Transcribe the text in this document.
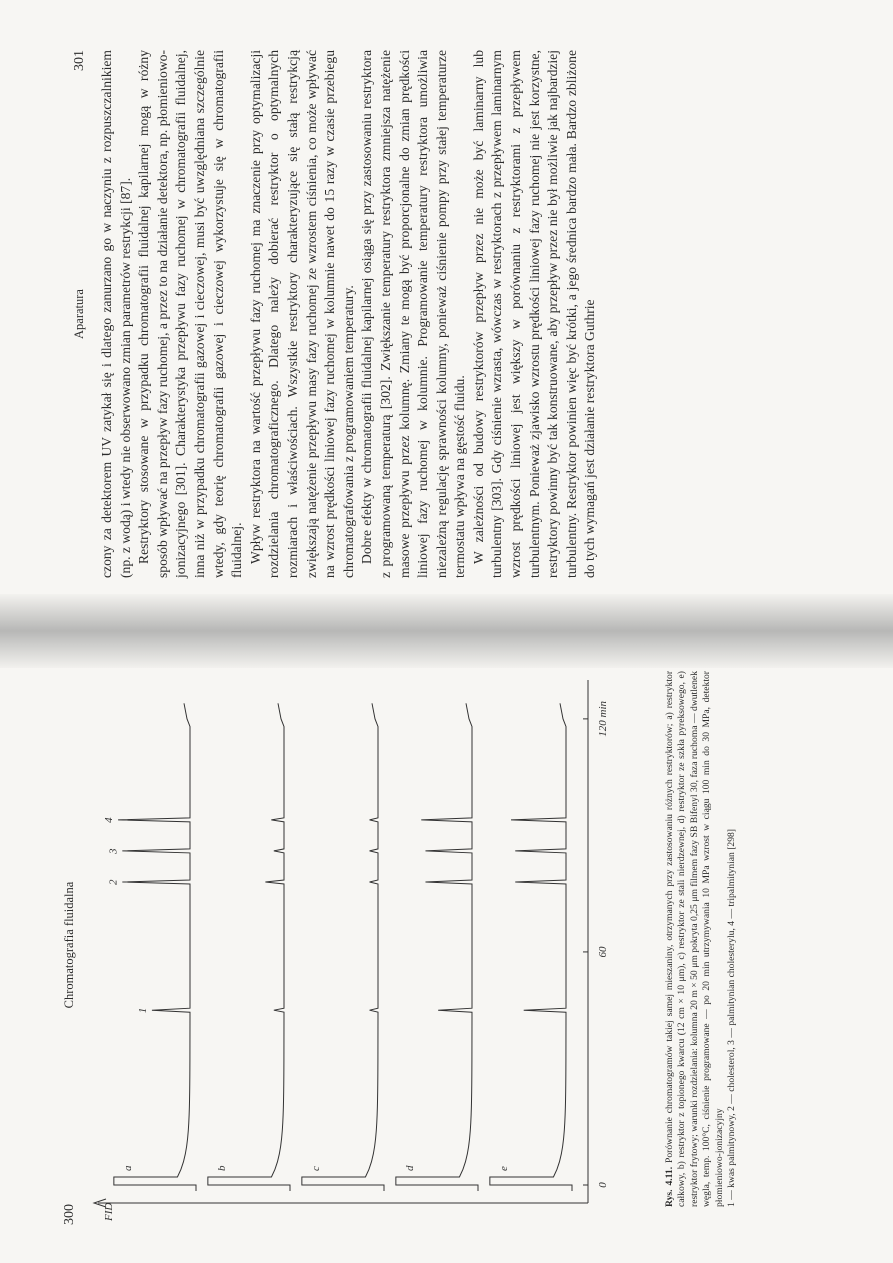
Aparatura
301 czony za detektorem UV zatykał się i dlatego zanurzano go w naczyniu z rozpuszczalnikiem (np. z wodą) i wtedy nie obserwowano zmian parametrów restrykcji [87]. Restryktory stosowane w przypadku chromatografii fluidalnej kapilarnej mogą w różny sposób wpływać na przepływ fazy ruchomej, a przez to na działanie detektora, np. płomieniowo-jonizacyjnego [301]. Charakterystyka przepływu fazy ruchomej w chromatografii fluidalnej, inna niż w przypadku chromatografii gazowej i cieczowej, musi być uwzględniana szczególnie wtedy, gdy teorię chromatografii gazowej i cieczowej wykorzystuje się w chromatografii fluidalnej. Wpływ restryktora na wartość przepływu fazy ruchomej ma znaczenie przy optymalizacji rozdzielania chromatograficznego. Dlatego należy dobierać restryktor o optymalnych rozmiarach i właściwościach. Wszystkie restryktory charakteryzujące się stałą restrykcją zwiększają natężenie przepływu masy fazy ruchomej ze wzrostem ciśnienia, co może wpływać na wzrost prędkości liniowej fazy ruchomej w kolumnie nawet do 15 razy w czasie przebiegu chromatografowania z programowaniem temperatury. Dobre efekty w chromatografii fluidalnej kapilarnej osiąga się przy zastosowaniu restryktora z programowaną temperaturą [302]. Zwiększanie temperatury restryktora zmniejsza natężenie masowe przepływu przez kolumnę. Zmiany te mogą być proporcjonalne do zmian prędkości liniowej fazy ruchomej w kolumnie. Programowanie temperatury restryktora umożliwia niezależną regulację sprawności kolumny, ponieważ ciśnienie pompy przy stałej temperaturze termostatu wpływa na gęstość fluidu. W zależności od budowy restryktorów przepływ przez nie może być laminarny lub turbulentny [303]. Gdy ciśnienie wzrasta, wówczas w restryktorach z przepływem laminarnym wzrost prędkości liniowej jest większy w porównaniu z restryktorami z przepływem turbulentnym. Ponieważ zjawisko wzrostu prędkości liniowej fazy ruchomej nie jest korzystne, restryktory powinny być tak konstruowane, aby przepływ przez nie był możliwie jak najbardziej turbulentny. Restryktor powinien więc być krótki, a jego średnica bardzo mała. Bardzo zbliżone do tych wymagań jest działanie restryktora Guthrie

300
Chromatografia fluidalna
FID
0
60
120 min
a
1
2
3
4
b	c	d	e	Rys. 4.11. Porównanie chromatogramów takiej samej mieszaniny, otrzymanych przy zastosowaniu różnych restryktorów; a) restryktor całkowy, b) restryktor z topionego kwarcu (12 cm × 10 μm), c) restryktor ze stali nierdzewnej, d) restryktor ze szkła pyreksowego, e) restryktor frytowy; warunki rozdzielania: kolumna 20 m × 50 μm pokryta 0,25 μm filmem fazy SB Bifenyl 30, faza ruchoma — dwutlenek węgla, temp. 100°C, ciśnienie programowane — po 20 min utrzymywania 10 MPa wzrost w ciągu 100 min do 30 MPa, detektor płomieniowo-jonizacyjny 1 — kwas palmitynowy, 2 — cholesterol, 3 — palmitynian cholesterylu, 4 — tripalmitynian [298]
